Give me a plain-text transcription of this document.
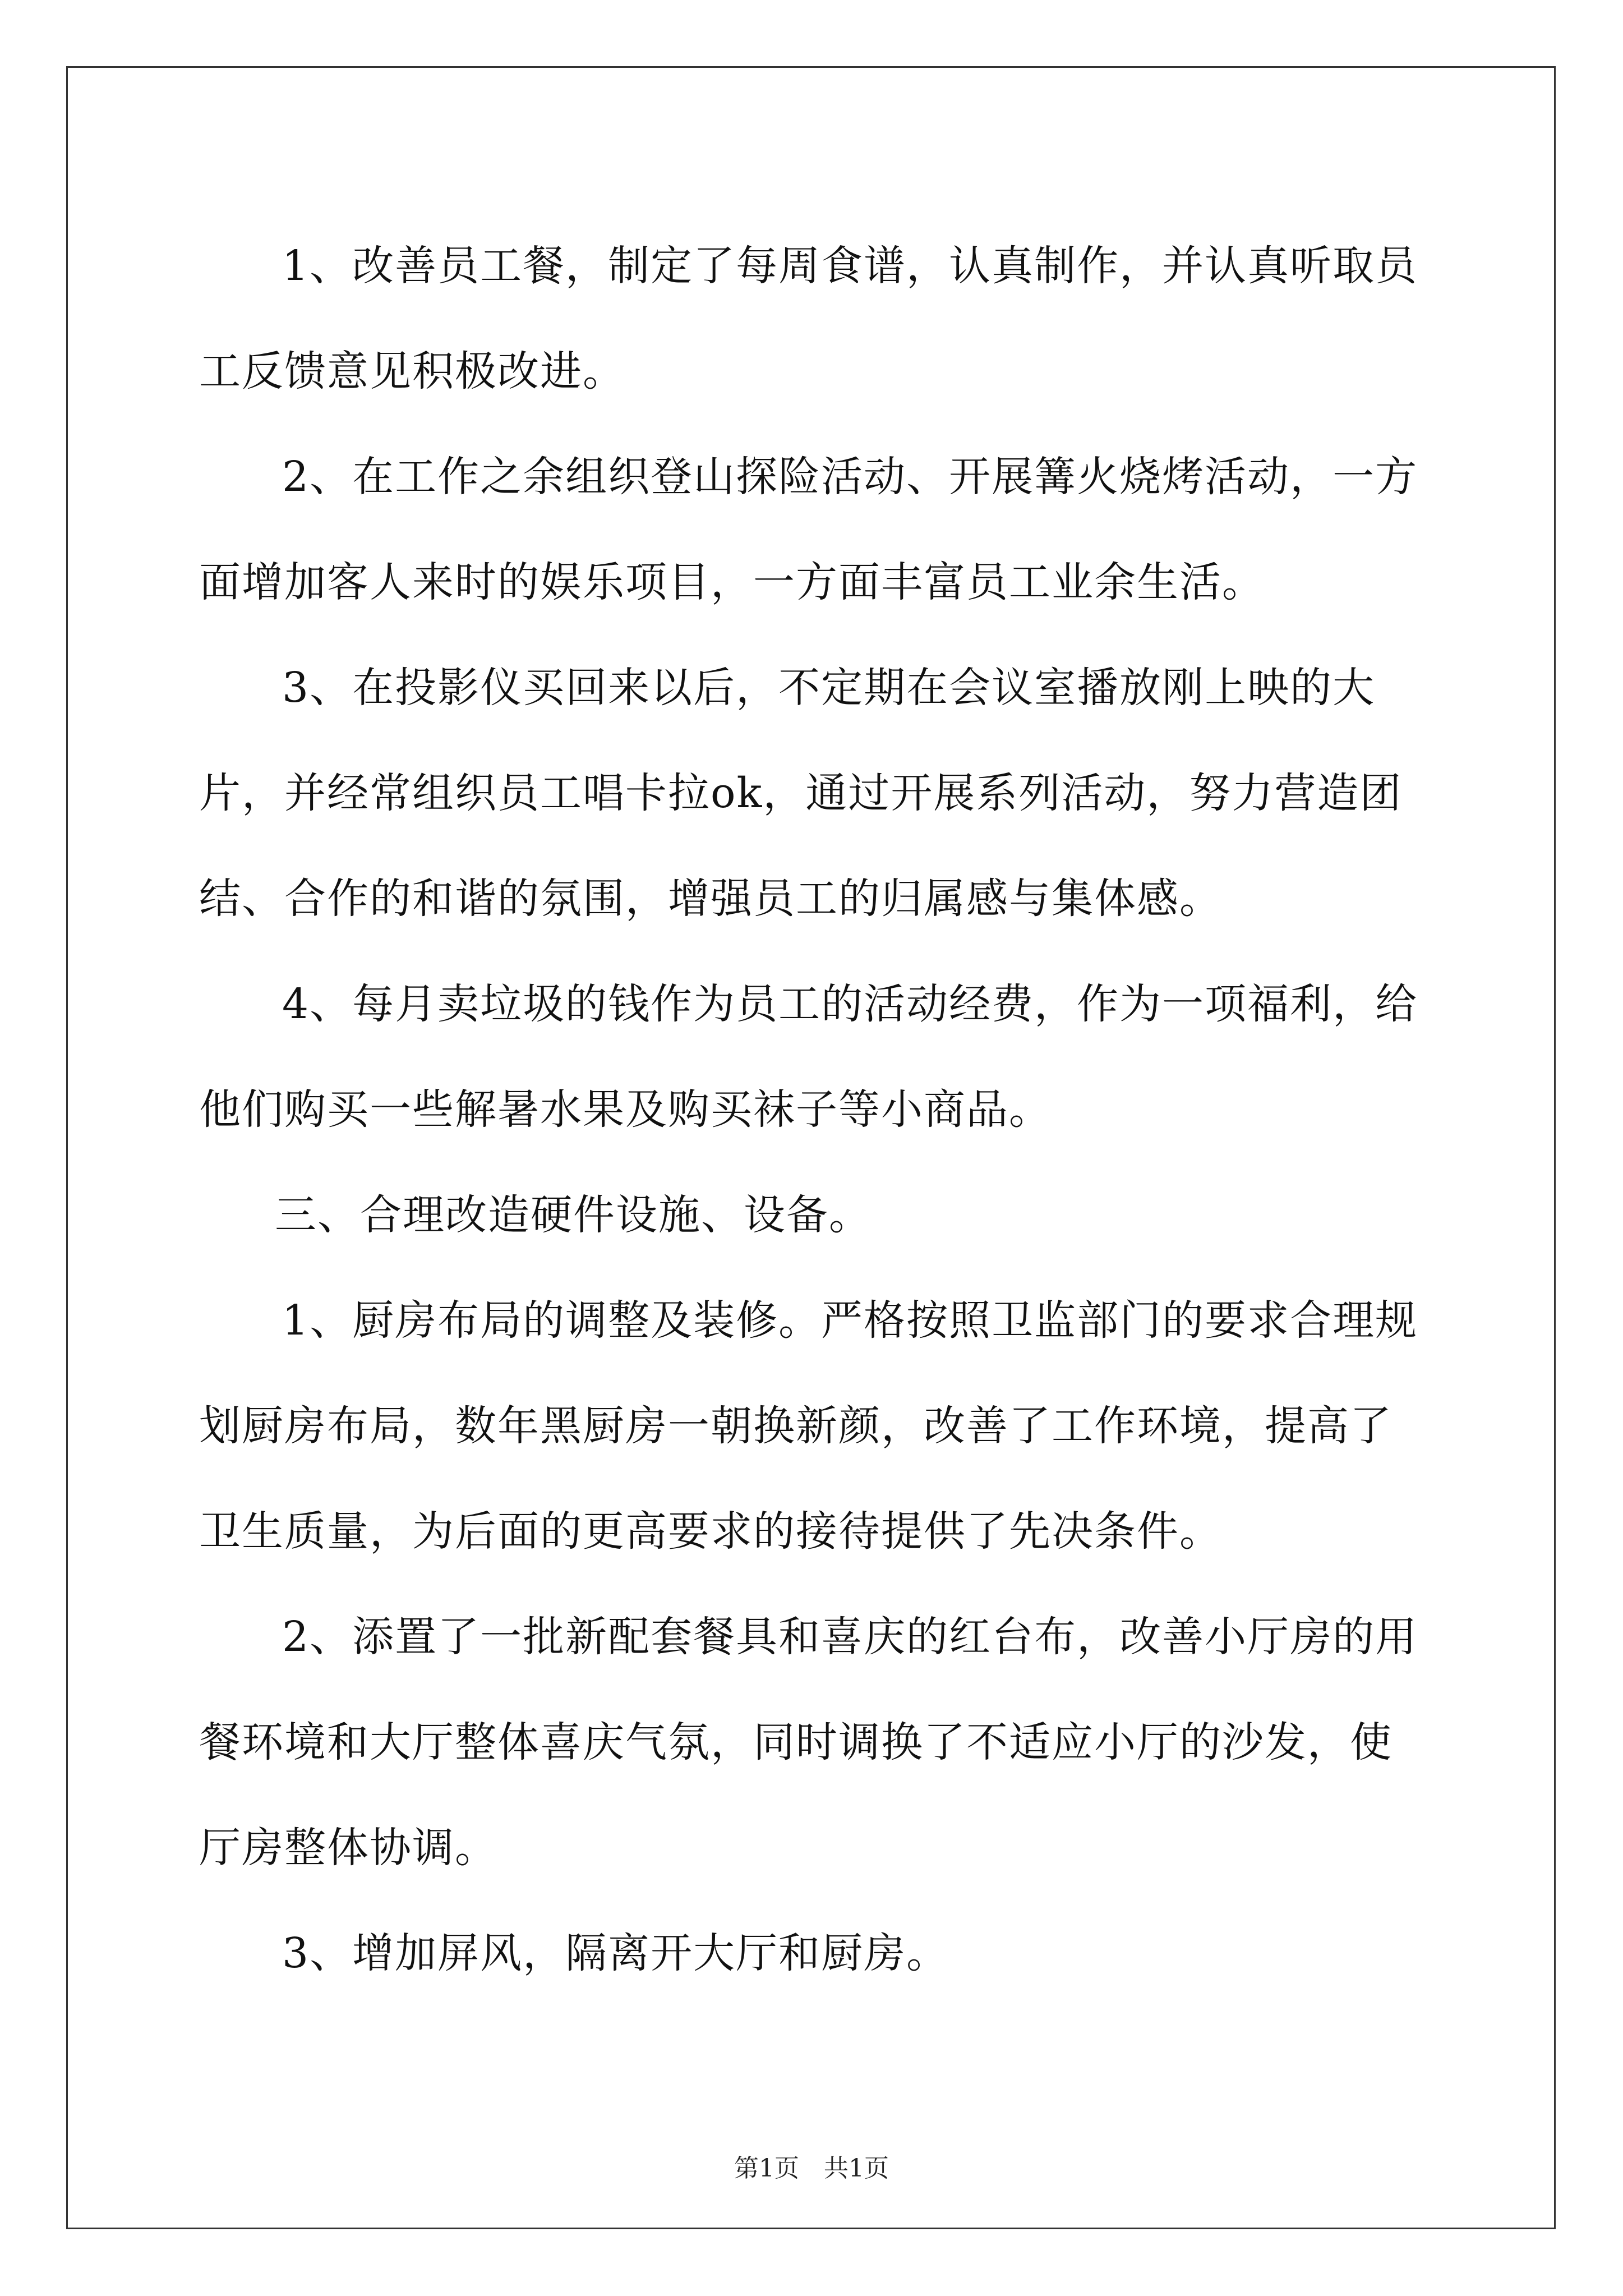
1、改善员工餐，制定了每周食谱，认真制作，并认真听取员工反馈意见积极改进。

2、在工作之余组织登山探险活动、开展篝火烧烤活动，一方面增加客人来时的娱乐项目，一方面丰富员工业余生活。

3、在投影仪买回来以后，不定期在会议室播放刚上映的大片，并经常组织员工唱卡拉ok，通过开展系列活动，努力营造团结、合作的和谐的氛围，增强员工的归属感与集体感。

4、每月卖垃圾的钱作为员工的活动经费，作为一项福利，给他们购买一些解暑水果及购买袜子等小商品。

三、合理改造硬件设施、设备。

1、厨房布局的调整及装修。严格按照卫监部门的要求合理规划厨房布局，数年黑厨房一朝换新颜，改善了工作环境，提高了卫生质量，为后面的更高要求的接待提供了先决条件。

2、添置了一批新配套餐具和喜庆的红台布，改善小厅房的用餐环境和大厅整体喜庆气氛，同时调换了不适应小厅的沙发，使厅房整体协调。

3、增加屏风，隔离开大厅和厨房。

第1页 共1页
